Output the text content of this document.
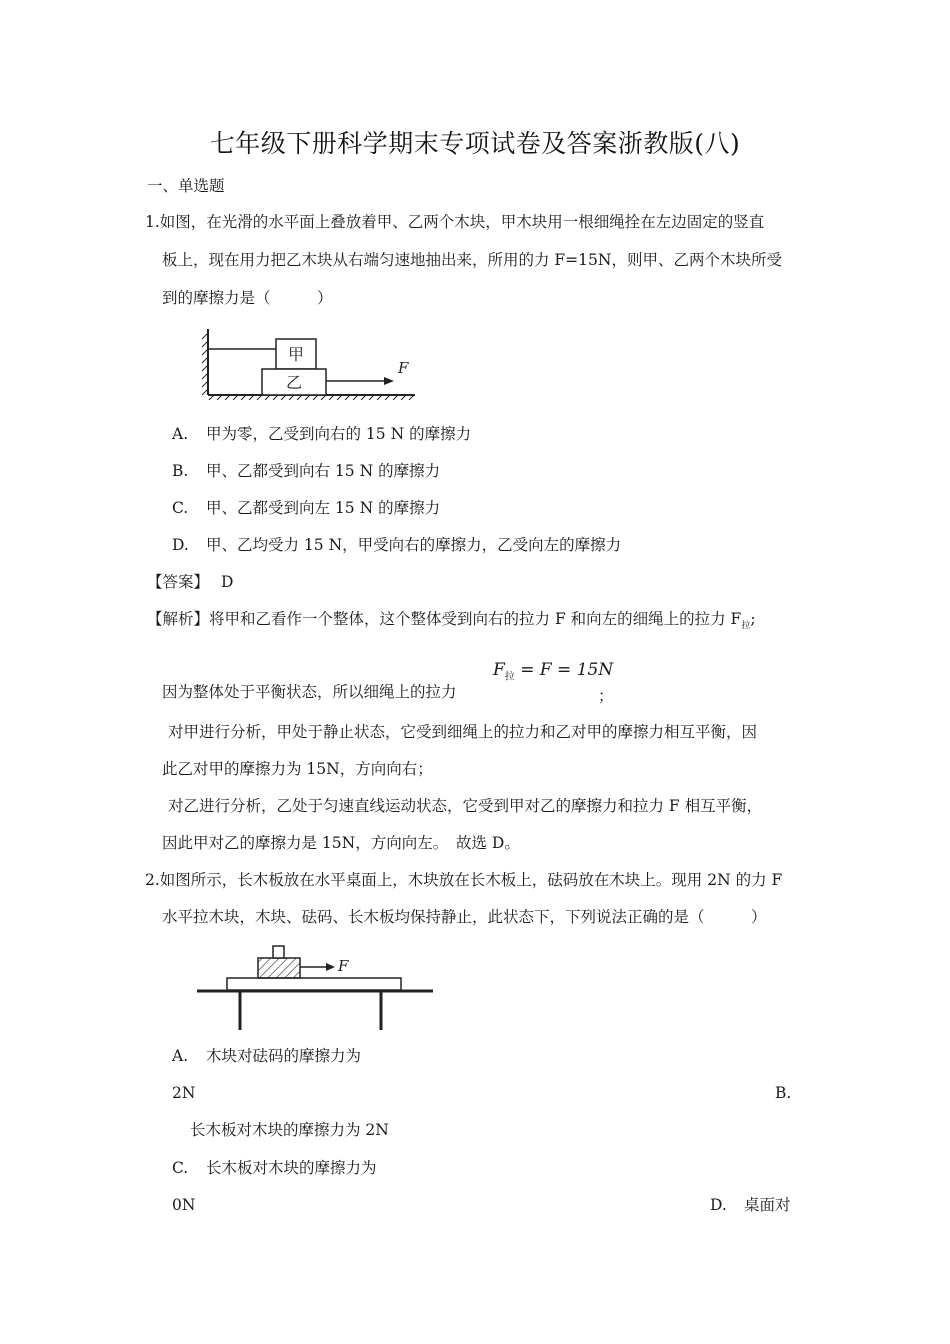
七年级下册科学期末专项试卷及答案浙教版(八)
一、单选题
1.如图，在光滑的水平面上叠放着甲、乙两个木块，甲木块用一根细绳拴在左边固定的竖直
板上，现在用力把乙木块从右端匀速地抽出来，所用的力 F=15N，则甲、乙两个木块所受
到的摩擦力是（　　　）
甲
乙
F
A. 甲为零，乙受到向右的 15 N 的摩擦力
B. 甲、乙都受到向右 15 N 的摩擦力
C. 甲、乙都受到向左 15 N 的摩擦力
D. 甲、乙均受力 15 N，甲受向右的摩擦力，乙受向左的摩擦力
【答案】 D
【解析】将甲和乙看作一个整体，这个整体受到向右的拉力 F 和向左的细绳上的拉力 $F_拉$;
$F_拉 = F = 15N$
因为整体处于平衡状态，所以细绳上的拉力	；
对甲进行分析，甲处于静止状态，它受到细绳上的拉力和乙对甲的摩擦力相互平衡，因
此乙对甲的摩擦力为 15N，方向向右；
对乙进行分析，乙处于匀速直线运动状态，它受到甲对乙的摩擦力和拉力 F 相互平衡，
因此甲对乙的摩擦力是 15N，方向向左。　故选 D。
2.如图所示，长木板放在水平桌面上，木块放在长木板上，砝码放在木块上。现用 2N 的力 F
水平拉木块，木块、砝码、长木板均保持静止，此状态下，下列说法正确的是（　　　）
F
A. 木块对砝码的摩擦力为
2N	B.
长木板对木块的摩擦力为 2N
C. 长木板对木块的摩擦力为
0N	D. 桌面对
